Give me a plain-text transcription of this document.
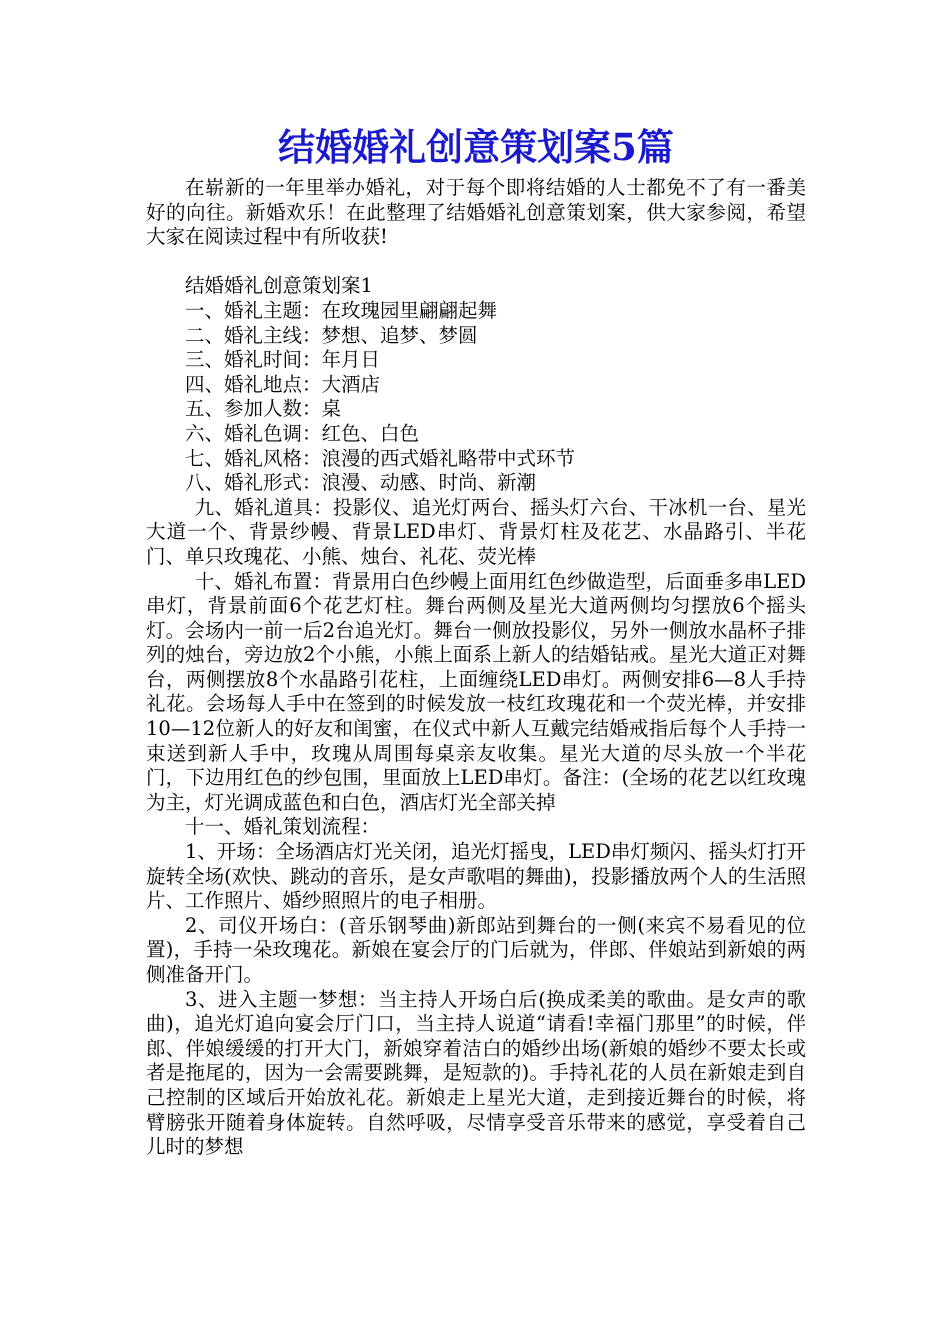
结婚婚礼创意策划案5篇

在崭新的一年里举办婚礼，对于每个即将结婚的人士都免不了有一番美好的向往。新婚欢乐！在此整理了结婚婚礼创意策划案，供大家参阅，希望大家在阅读过程中有所收获!

结婚婚礼创意策划案1

一、婚礼主题：在玫瑰园里翩翩起舞

二、婚礼主线：梦想、追梦、梦圆

三、婚礼时间：年月日

四、婚礼地点：大酒店

五、参加人数：桌

六、婚礼色调：红色、白色

七、婚礼风格：浪漫的西式婚礼略带中式环节

八、婚礼形式：浪漫、动感、时尚、新潮

九、婚礼道具：投影仪、追光灯两台、摇头灯六台、干冰机一台、星光大道一个、背景纱幔、背景LED串灯、背景灯柱及花艺、水晶路引、半花门、单只玫瑰花、小熊、烛台、礼花、荧光棒

十、婚礼布置：背景用白色纱幔上面用红色纱做造型，后面垂多串LED串灯，背景前面6个花艺灯柱。舞台两侧及星光大道两侧均匀摆放6个摇头灯。会场内一前一后2台追光灯。舞台一侧放投影仪，另外一侧放水晶杯子排列的烛台，旁边放2个小熊，小熊上面系上新人的结婚钻戒。星光大道正对舞台，两侧摆放8个水晶路引花柱，上面缠绕LED串灯。两侧安排6—8人手持礼花。会场每人手中在签到的时候发放一枝红玫瑰花和一个荧光棒，并安排10—12位新人的好友和闺蜜，在仪式中新人互戴完结婚戒指后每个人手持一束送到新人手中，玫瑰从周围每桌亲友收集。星光大道的尽头放一个半花门，下边用红色的纱包围，里面放上LED串灯。备注：(全场的花艺以红玫瑰为主，灯光调成蓝色和白色，酒店灯光全部关掉

十一、婚礼策划流程：

1、开场：全场酒店灯光关闭，追光灯摇曳，LED串灯频闪、摇头灯打开旋转全场(欢快、跳动的音乐，是女声歌唱的舞曲)，投影播放两个人的生活照片、工作照片、婚纱照照片的电子相册。

2、司仪开场白：(音乐钢琴曲)新郎站到舞台的一侧(来宾不易看见的位置)，手持一朵玫瑰花。新娘在宴会厅的门后就为，伴郎、伴娘站到新娘的两侧准备开门。

3、进入主题一梦想：当主持人开场白后(换成柔美的歌曲。是女声的歌曲)，追光灯追向宴会厅门口，当主持人说道“请看!幸福门那里”的时候，伴郎、伴娘缓缓的打开大门，新娘穿着洁白的婚纱出场(新娘的婚纱不要太长或者是拖尾的，因为一会需要跳舞，是短款的)。手持礼花的人员在新娘走到自己控制的区域后开始放礼花。新娘走上星光大道，走到接近舞台的时候，将臂膀张开随着身体旋转。自然呼吸，尽情享受音乐带来的感觉，享受着自己儿时的梦想
